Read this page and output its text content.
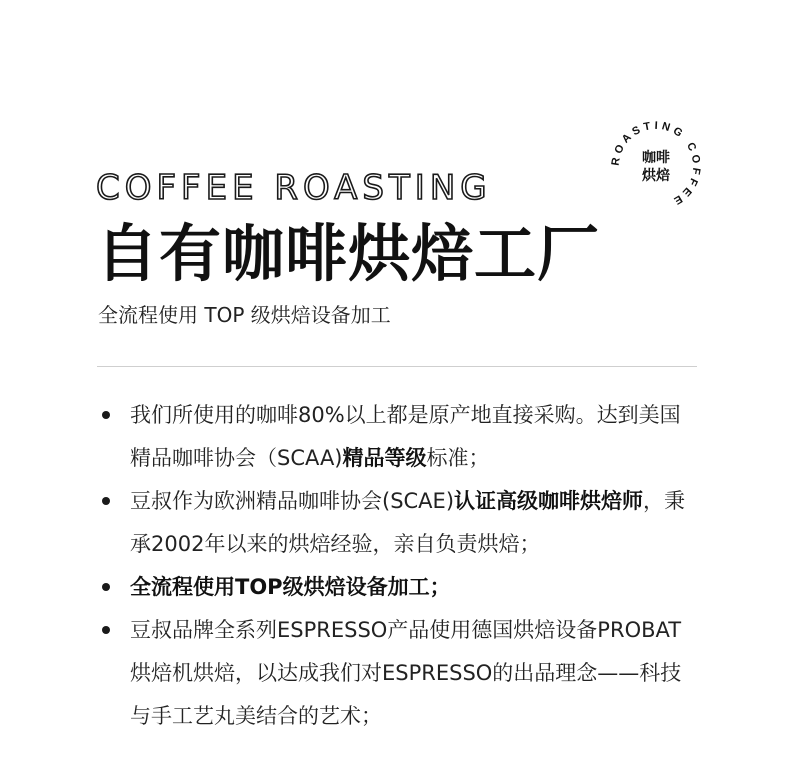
ROASTING COFFEE
咖啡
烘焙
COFFEE ROASTING
自有咖啡烘焙工厂

全流程使用 TOP 级烘焙设备加工

我们所使用的咖啡80%以上都是原产地直接采购。达到美国精品咖啡协会（SCAA)精品等级标准；
豆叔作为欧洲精品咖啡协会(SCAE)认证高级咖啡烘焙师，秉承2002年以来的烘焙经验，亲自负责烘焙；
全流程使用TOP级烘焙设备加工；
豆叔品牌全系列ESPRESSO产品使用德国烘焙设备PROBAT烘焙机烘焙，以达成我们对ESPRESSO的出品理念——科技与手工艺丸美结合的艺术；
